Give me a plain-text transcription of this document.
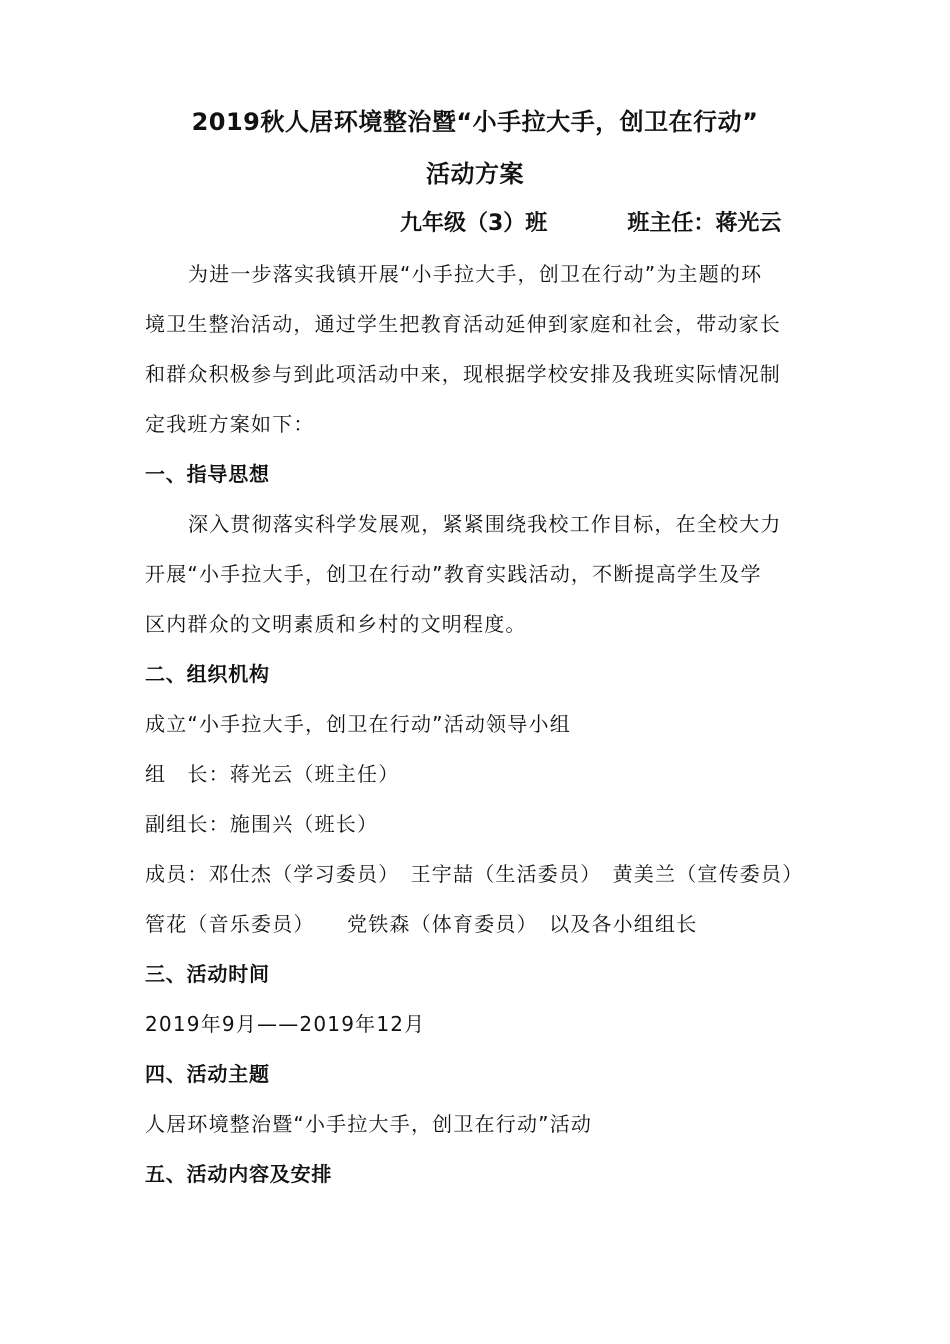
2019秋人居环境整治暨“小手拉大手，创卫在行动”
活动方案
九年级（3）班	班主任：蒋光云
为进一步落实我镇开展“小手拉大手，创卫在行动”为主题的环
境卫生整治活动，通过学生把教育活动延伸到家庭和社会，带动家长
和群众积极参与到此项活动中来，现根据学校安排及我班实际情况制
定我班方案如下：
一、指导思想
深入贯彻落实科学发展观，紧紧围绕我校工作目标，在全校大力
开展“小手拉大手，创卫在行动”教育实践活动，不断提高学生及学
区内群众的文明素质和乡村的文明程度。
二、组织机构
成立“小手拉大手，创卫在行动”活动领导小组
组　长：蒋光云（班主任）
副组长：施围兴（班长）
成员：邓仕杰（学习委员）　王宇喆（生活委员）　黄美兰（宣传委员）
管花（音乐委员）　　党铁森（体育委员）　以及各小组组长
三、活动时间
2019年9月——2019年12月
四、活动主题
人居环境整治暨“小手拉大手，创卫在行动”活动
五、活动内容及安排
